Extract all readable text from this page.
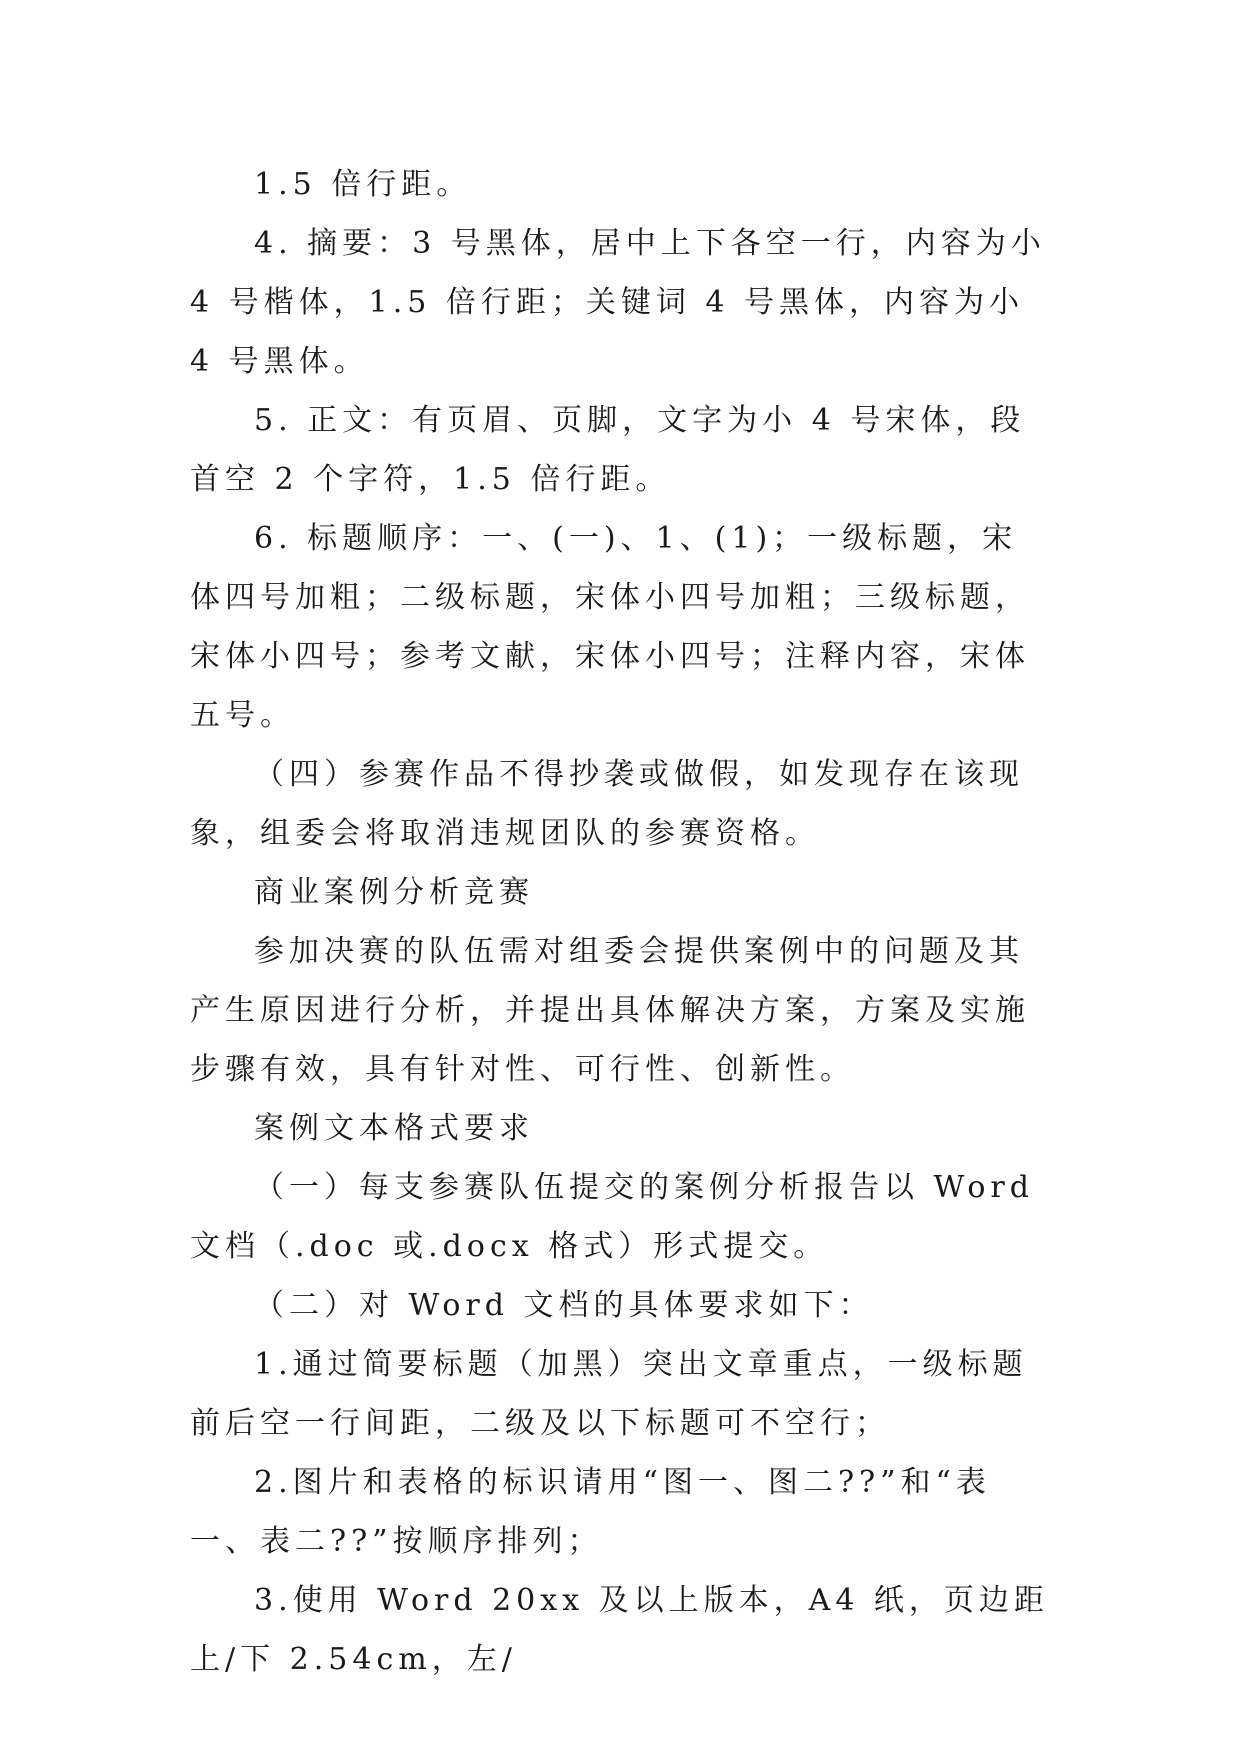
1.5 倍行距。

4. 摘要：3 号黑体，居中上下各空一行，内容为小 4 号楷体，1.5 倍行距；关键词 4 号黑体，内容为小 4 号黑体。

5. 正文：有页眉、页脚，文字为小 4 号宋体，段首空 2 个字符，1.5 倍行距。

6. 标题顺序：一、(一)、1、(1)；一级标题，宋体四号加粗；二级标题，宋体小四号加粗；三级标题，宋体小四号；参考文献，宋体小四号；注释内容，宋体五号。

（四）参赛作品不得抄袭或做假，如发现存在该现象，组委会将取消违规团队的参赛资格。

商业案例分析竞赛

参加决赛的队伍需对组委会提供案例中的问题及其产生原因进行分析，并提出具体解决方案，方案及实施步骤有效，具有针对性、可行性、创新性。

案例文本格式要求

（一）每支参赛队伍提交的案例分析报告以 Word 文档（.doc 或.docx 格式）形式提交。

（二）对 Word 文档的具体要求如下：

1.通过简要标题（加黑）突出文章重点，一级标题前后空一行间距，二级及以下标题可不空行；

2.图片和表格的标识请用“图一、图二??”和“表一、表二??”按顺序排列；

3.使用 Word 20xx 及以上版本，A4 纸，页边距上/下 2.54cm，左/
